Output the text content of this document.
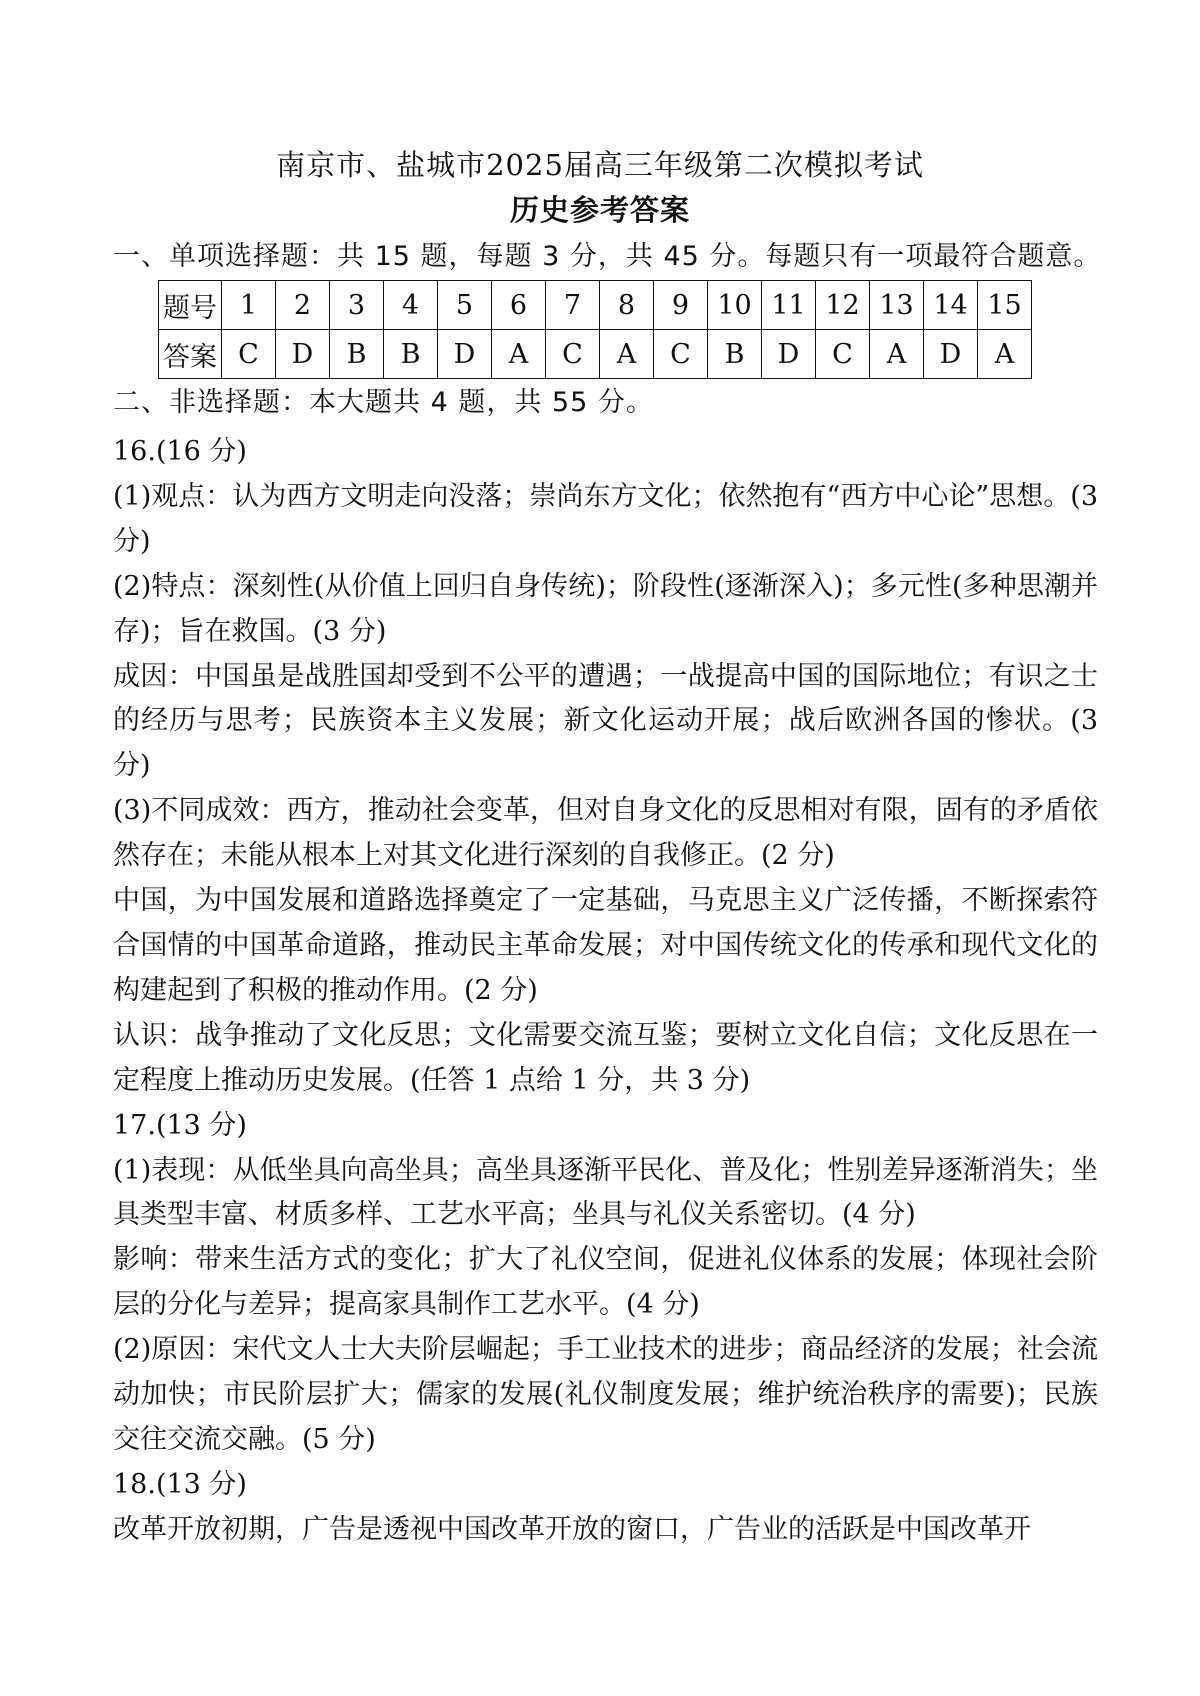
南京市、盐城市2025届高三年级第二次模拟考试
历史参考答案
一、单项选择题：共 15 题，每题 3 分，共 45 分。每题只有一项最符合题意。
题号	1	2	3	4	5	6	7	8	9	10	11	12	13	14	15
答案	C	D	B	B	D	A	C	A	C	B	D	C	A	D	A
二、非选择题：本大题共 4 题，共 55 分。

16.(16 分)

(1)观点：认为西方文明走向没落；崇尚东方文化；依然抱有“西方中心论”思想。(3 分)

(2)特点：深刻性(从价值上回归自身传统)；阶段性(逐渐深入)；多元性(多种思潮并存)；旨在救国。(3 分)

成因：中国虽是战胜国却受到不公平的遭遇；一战提高中国的国际地位；有识之士的经历与思考；民族资本主义发展；新文化运动开展；战后欧洲各国的惨状。(3 分)

(3)不同成效：西方，推动社会变革，但对自身文化的反思相对有限，固有的矛盾依然存在；未能从根本上对其文化进行深刻的自我修正。(2 分)

中国，为中国发展和道路选择奠定了一定基础，马克思主义广泛传播，不断探索符合国情的中国革命道路，推动民主革命发展；对中国传统文化的传承和现代文化的构建起到了积极的推动作用。(2 分)

认识：战争推动了文化反思；文化需要交流互鉴；要树立文化自信；文化反思在一定程度上推动历史发展。(任答 1 点给 1 分，共 3 分)

17.(13 分)

(1)表现：从低坐具向高坐具；高坐具逐渐平民化、普及化；性别差异逐渐消失；坐具类型丰富、材质多样、工艺水平高；坐具与礼仪关系密切。(4 分)

影响：带来生活方式的变化；扩大了礼仪空间，促进礼仪体系的发展；体现社会阶层的分化与差异；提高家具制作工艺水平。(4 分)

(2)原因：宋代文人士大夫阶层崛起；手工业技术的进步；商品经济的发展；社会流动加快；市民阶层扩大；儒家的发展(礼仪制度发展；维护统治秩序的需要)；民族交往交流交融。(5 分)

18.(13 分)

改革开放初期，广告是透视中国改革开放的窗口，广告业的活跃是中国改革开
